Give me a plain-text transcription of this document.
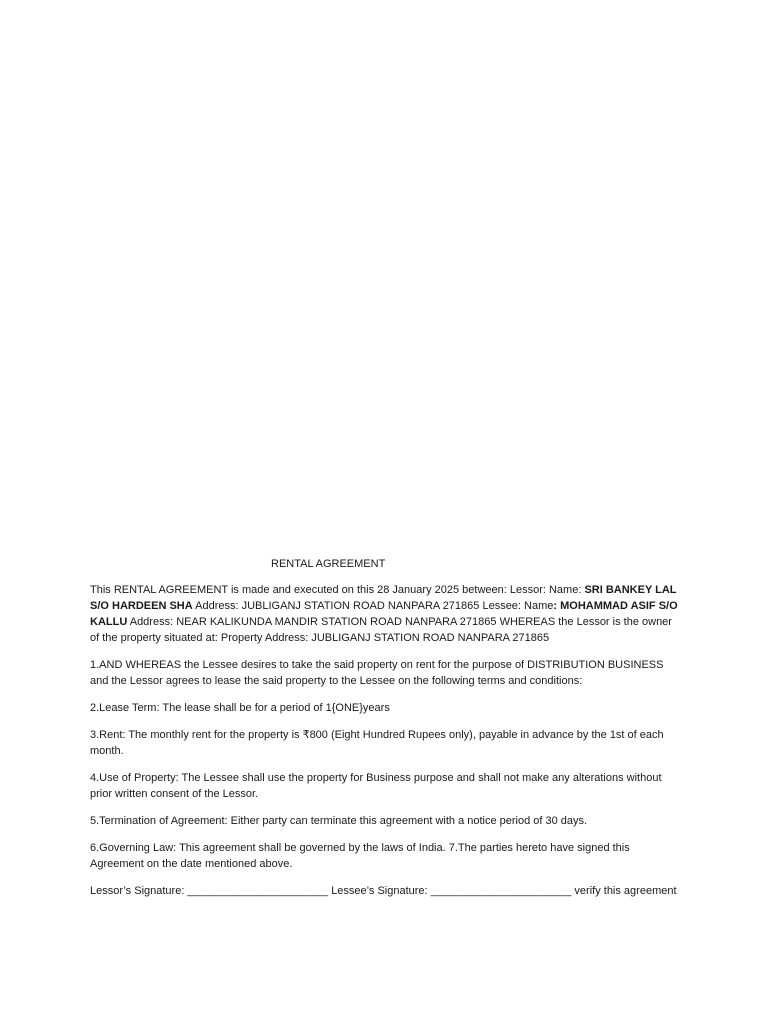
RENTAL AGREEMENT

This RENTAL AGREEMENT is made and executed on this 28 January 2025 between: Lessor: Name: SRI BANKEY LAL S/O HARDEEN SHA Address: JUBLIGANJ STATION ROAD NANPARA 271865 Lessee: Name: MOHAMMAD ASIF S/O KALLU Address: NEAR KALIKUNDA MANDIR STATION ROAD NANPARA 271865 WHEREAS the Lessor is the owner of the property situated at: Property Address: JUBLIGANJ STATION ROAD NANPARA 271865

1.AND WHEREAS the Lessee desires to take the said property on rent for the purpose of DISTRIBUTION BUSINESS and the Lessor agrees to lease the said property to the Lessee on the following terms and conditions:

2.Lease Term: The lease shall be for a period of 1{ONE}years

3.Rent: The monthly rent for the property is ₹800 (Eight Hundred Rupees only), payable in advance by the 1st of each month.

4.Use of Property: The Lessee shall use the property for Business purpose and shall not make any alterations without prior written consent of the Lessor.

5.Termination of Agreement: Either party can terminate this agreement with a notice period of 30 days.

6.Governing Law: This agreement shall be governed by the laws of India. 7.The parties hereto have signed this Agreement on the date mentioned above.

Lessor’s Signature: _______________________ Lessee’s Signature: _______________________ verify this agreement
